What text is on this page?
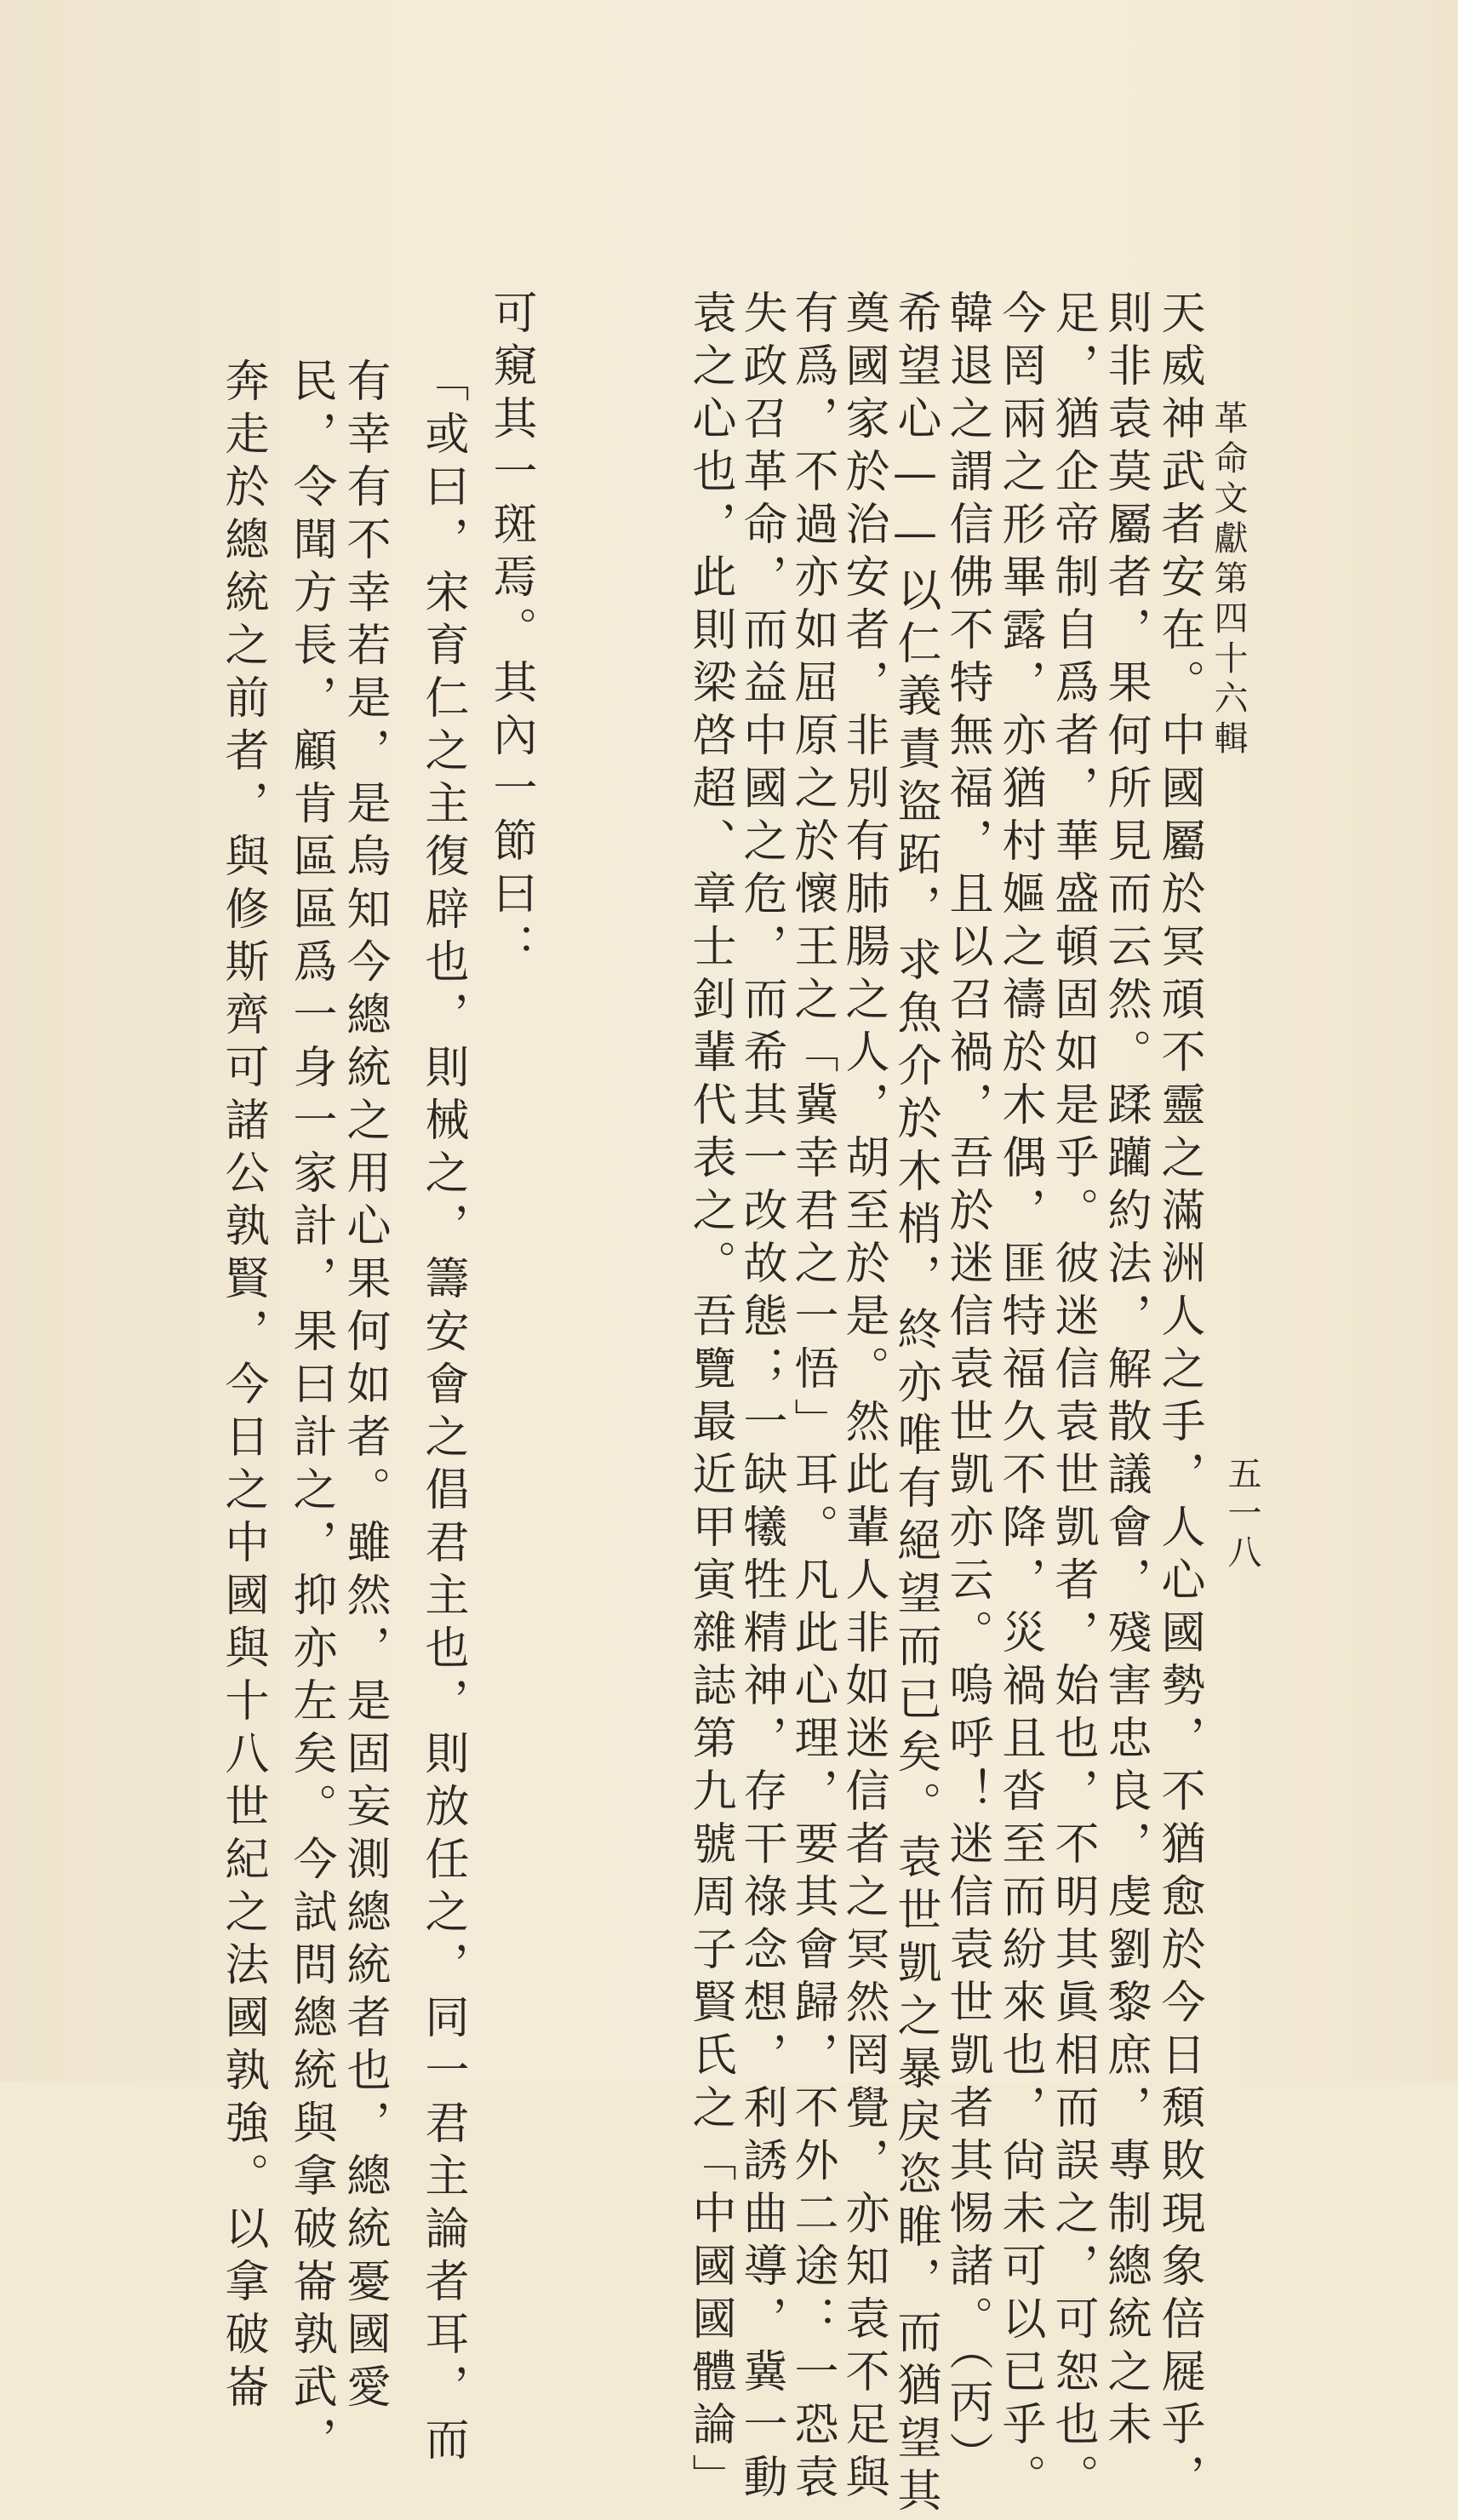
革命文獻第四十六輯
五一八
天威神武者安在。中國屬於冥頑不靈之滿洲人之手，人心國勢，不猶愈於今日頹敗現象倍屣乎，
則非袁莫屬者，果何所見而云然。蹂躪約法，解散議會，殘害忠良，虔劉黎庶，專制總統之未
足，猶企帝制自爲者，華盛頓固如是乎。彼迷信袁世凱者，始也，不明其眞相而誤之，可恕也。
今罔兩之形畢露，亦猶村嫗之禱於木偶，匪特福久不降，災禍且沓至而紛來也，尙未可以已乎。
韓退之謂信佛不特無福，且以召禍，吾於迷信袁世凱亦云。嗚呼！迷信袁世凱者其惕諸。（丙）
希望心——以仁義責盜跖，求魚介於木梢，終亦唯有絕望而已矣。袁世凱之暴戾恣睢，而猶望其
奠國家於治安者，非別有肺腸之人，胡至於是。然此輩人非如迷信者之冥然罔覺，亦知袁不足與
有爲，不過亦如屈原之於懷王之「冀幸君之一悟」耳。凡此心理，要其會歸，不外二途：一恐袁
失政召革命，而益中國之危，而希其一改故態；一缺犧牲精神，存干祿念想，利誘曲導，冀一動
袁之心也，此則梁啓超、章士釗輩代表之。吾覽最近甲寅雜誌第九號周子賢氏之「中國國體論」
可窺其一斑焉。其內一節曰：
「或曰，宋育仁之主復辟也，則械之，籌安會之倡君主也，則放任之，同一君主論者耳，而
有幸有不幸若是，是烏知今總統之用心果何如者。雖然，是固妄測總統者也，總統憂國愛
民，令聞方長，顧肯區區爲一身一家計，果曰計之，抑亦左矣。今試問總統與拿破崙孰武，
奔走於總統之前者，與修斯齊可諸公孰賢，今日之中國與十八世紀之法國孰強。以拿破崙
